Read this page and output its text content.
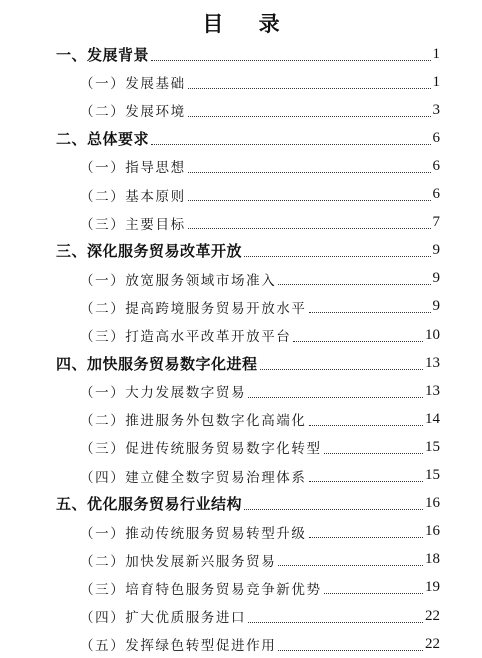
目 录
一、发展背景	1
（一）发展基础	1
（二）发展环境	3
二、总体要求	6
（一）指导思想	6
（二）基本原则	6
（三）主要目标	7
三、深化服务贸易改革开放	9
（一）放宽服务领域市场准入	9
（二）提高跨境服务贸易开放水平	9
（三）打造高水平改革开放平台	10
四、加快服务贸易数字化进程	13
（一）大力发展数字贸易	13
（二）推进服务外包数字化高端化	14
（三）促进传统服务贸易数字化转型	15
（四）建立健全数字贸易治理体系	15
五、优化服务贸易行业结构	16
（一）推动传统服务贸易转型升级	16
（二）加快发展新兴服务贸易	18
（三）培育特色服务贸易竞争新优势	19
（四）扩大优质服务进口	22
（五）发挥绿色转型促进作用	22
